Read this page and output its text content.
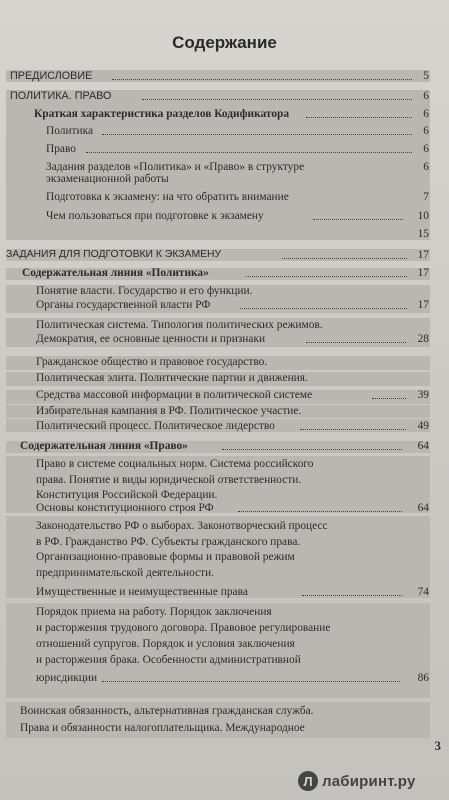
Содержание
ПРЕДИСЛОВИЕ	5
ПОЛИТИКА. ПРАВО	6
Краткая характеристика разделов Кодификатора	6
Политика	6
Право	6
Задания разделов «Политика» и «Право» в структуре	6
экзаменационной работы
Подготовка к экзамену: на что обратить внимание	7
Чем пользоваться при подготовке к экзамену	10
15
ЗАДАНИЯ ДЛЯ ПОДГОТОВКИ К ЭКЗАМЕНУ	17
Содержательная линия «Политика»	17
Понятие власти. Государство и его функции.
Органы государственной власти РФ	17
Политическая система. Типология политических режимов.
Демократия, ее основные ценности и признаки	28
Гражданское общество и правовое государство.
Политическая элита. Политические партии и движения.
Средства массовой информации в политической системе	39
Избирательная кампания в РФ. Политическое участие.
Политический процесс. Политическое лидерство	49
Содержательная линия «Право»	64
Право в системе социальных норм. Система российского
права. Понятие и виды юридической ответственности.
Конституция Российской Федерации.
Основы конституционного строя РФ	64
Законодательство РФ о выборах. Законотворческий процесс
в РФ. Гражданство РФ. Субъекты гражданского права.
Организационно-правовые формы и правовой режим
предпринимательской деятельности.
Имущественные и неимущественные права	74
Порядок приема на работу. Порядок заключения
и расторжения трудового договора. Правовое регулирование
отношений супругов. Порядок и условия заключения
и расторжения брака. Особенности административной
юрисдикции	86
Воинская обязанность, альтернативная гражданская служба.
Права и обязанности налогоплательщика. Международное
3
Л лабиринт.ру
